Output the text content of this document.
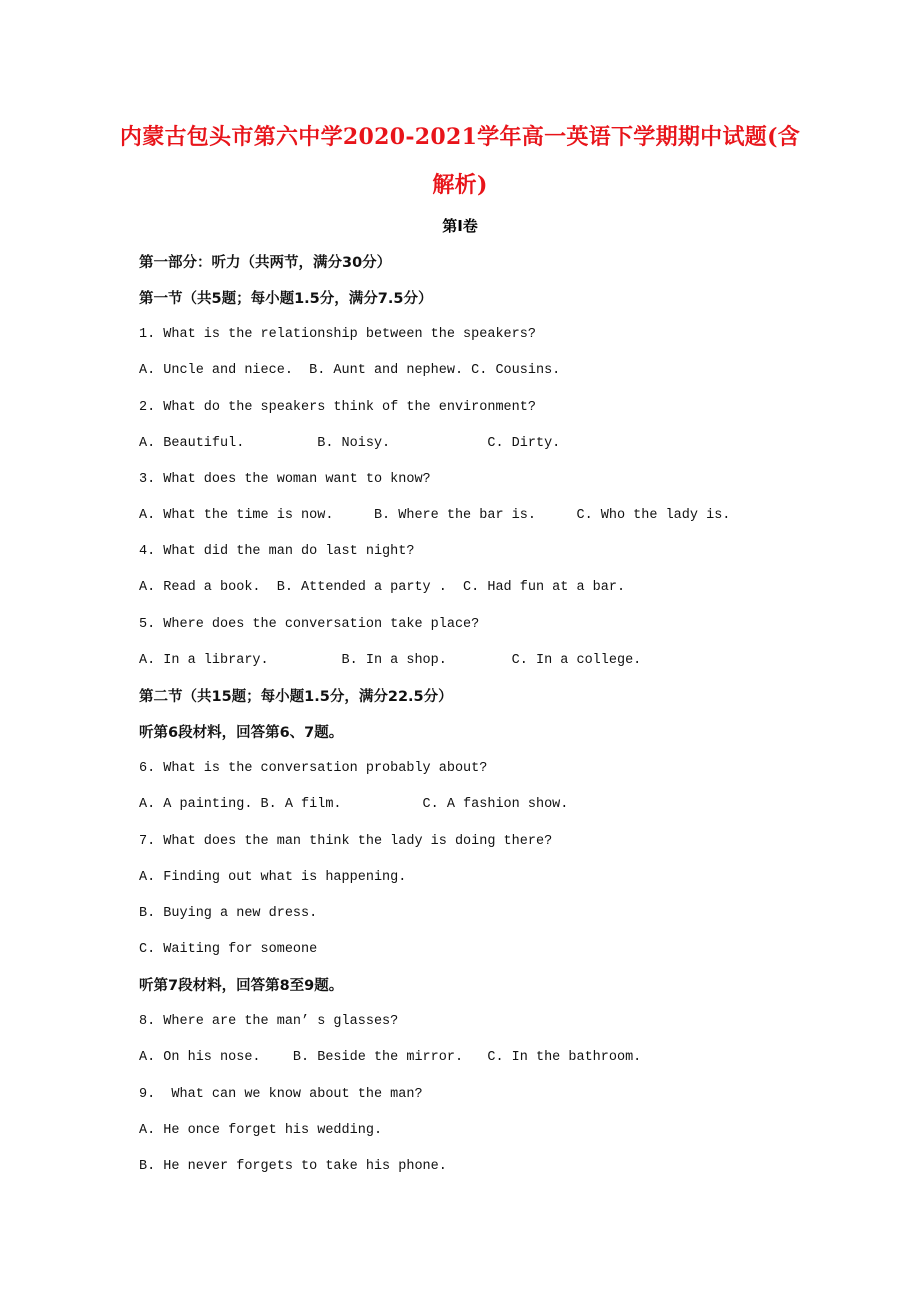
内蒙古包头市第六中学2020-2021学年高一英语下学期期中试题(含
解析)
第Ⅰ卷
第一部分：听力（共两节，满分30分）
第一节（共5题；每小题1.5分，满分7.5分）
1. What is the relationship between the speakers?
A. Uncle and niece.  B. Aunt and nephew. C. Cousins.
2. What do the speakers think of the environment?
A. Beautiful.         B. Noisy.            C. Dirty.
3. What does the woman want to know?
A. What the time is now.     B. Where the bar is.     C. Who the lady is.
4. What did the man do last night?
A. Read a book.  B. Attended a party .  C. Had fun at a bar.
5. Where does the conversation take place?
A. In a library.         B. In a shop.        C. In a college.
第二节（共15题；每小题1.5分，满分22.5分）
听第6段材料，回答第6、7题。
6. What is the conversation probably about?
A. A painting. B. A film.          C. A fashion show.
7. What does the man think the lady is doing there?
A. Finding out what is happening.
B. Buying a new dress.
C. Waiting for someone
听第7段材料，回答第8至9题。
8. Where are the man’ s glasses?
A. On his nose.    B. Beside the mirror.   C. In the bathroom.
9.  What can we know about the man?
A. He once forget his wedding.
B. He never forgets to take his phone.
